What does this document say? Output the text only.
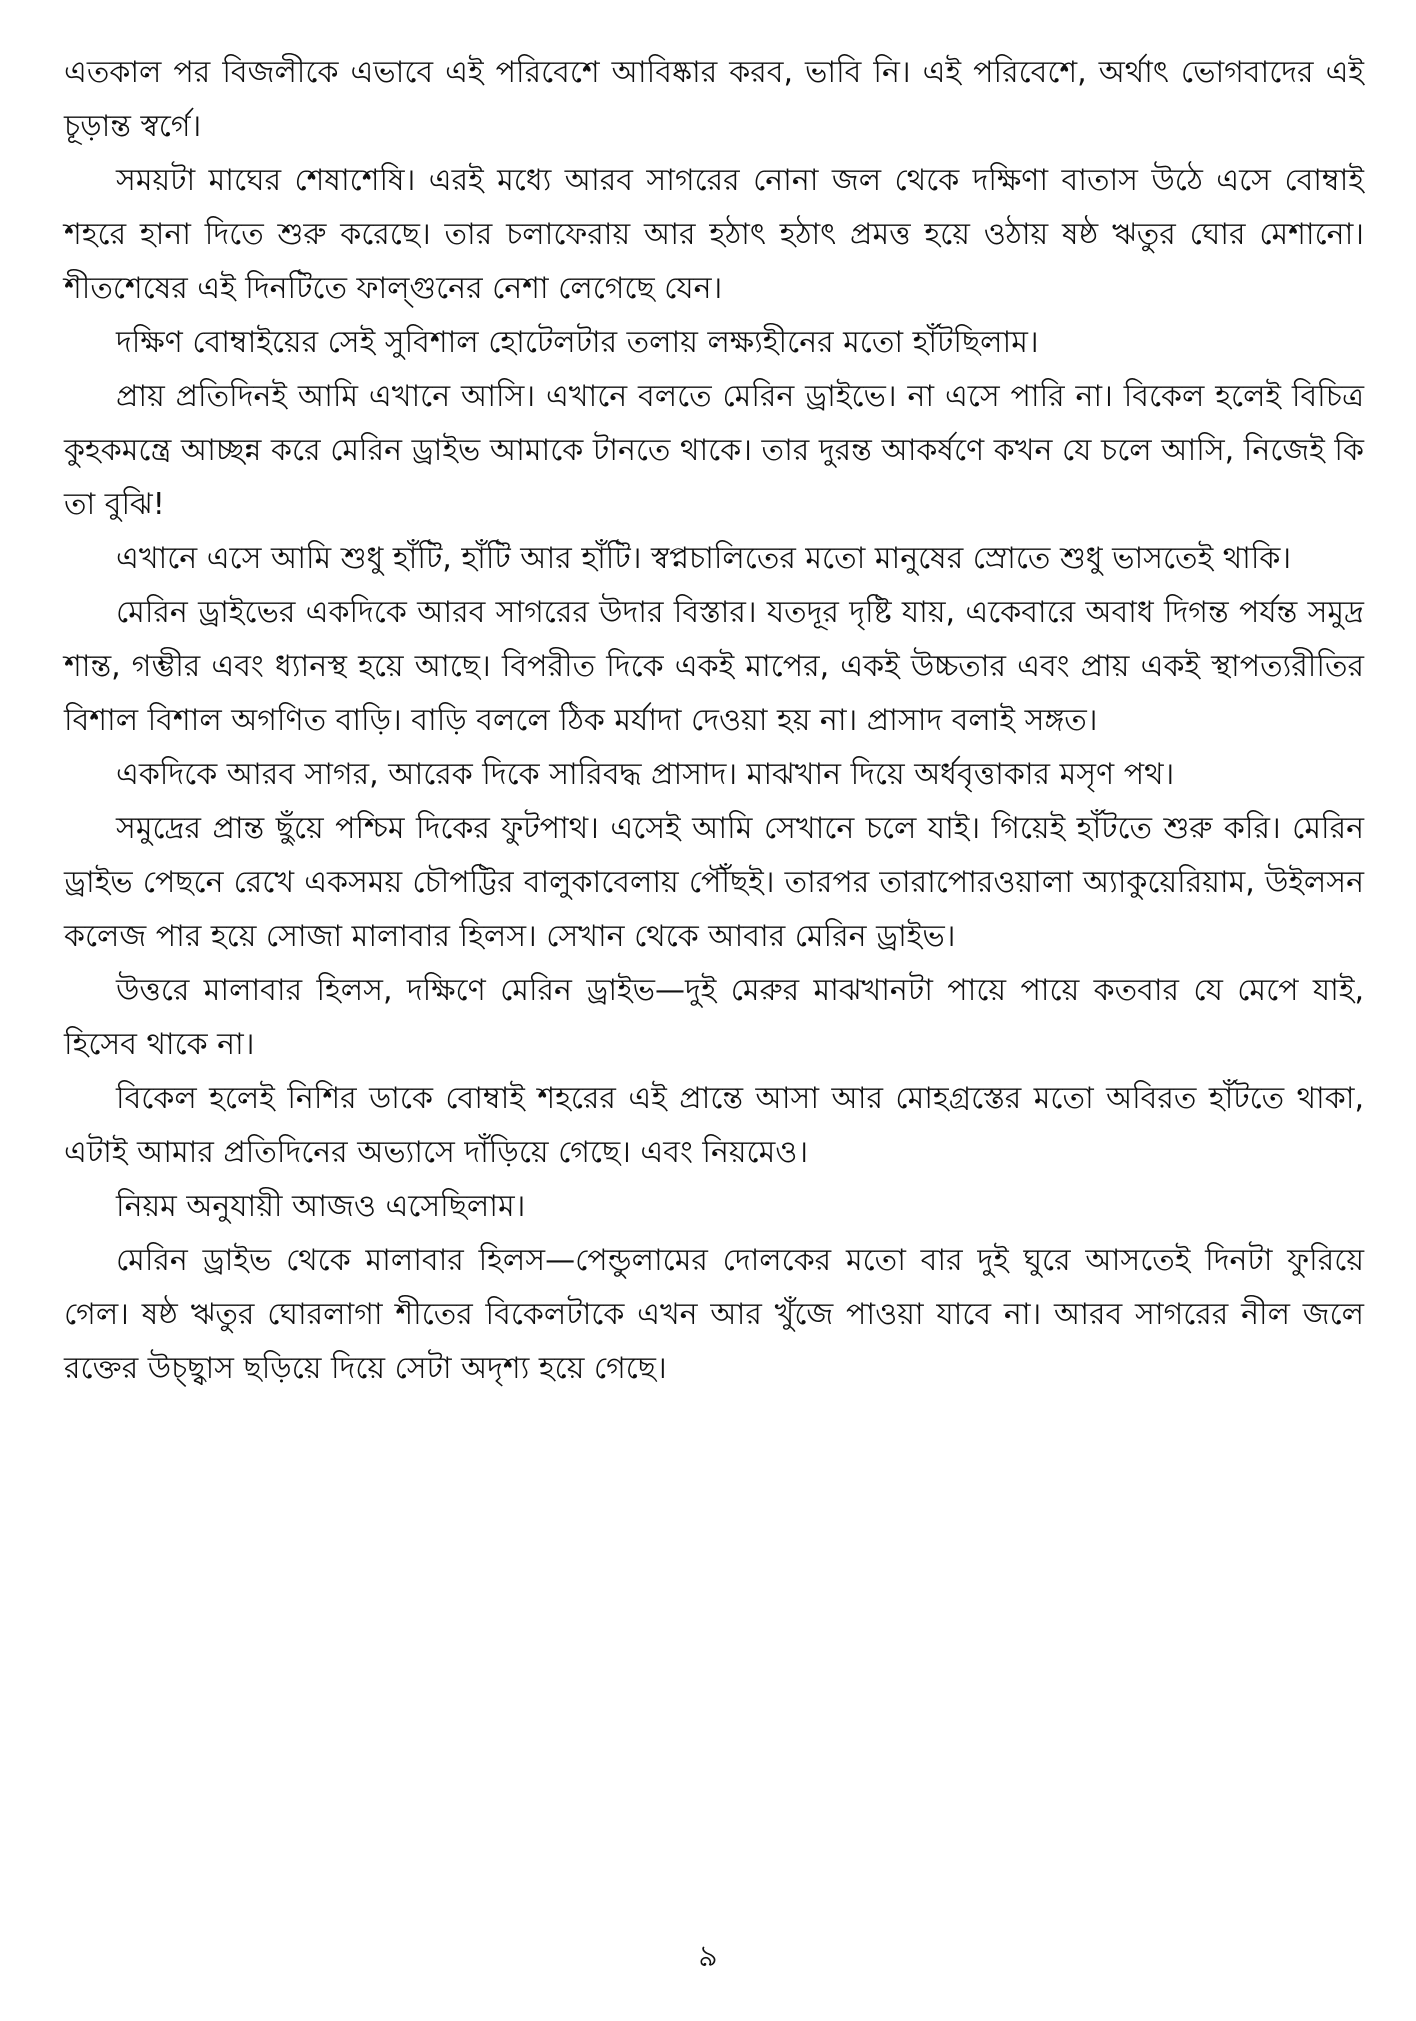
এতকাল পর বিজলীকে এভাবে এই পরিবেশে আবিষ্কার করব, ভাবি নি। এই পরিবেশে, অর্থাৎ ভোগবাদের এই চূড়ান্ত স্বর্গে।

সময়টা মাঘের শেষাশেষি। এরই মধ্যে আরব সাগরের নোনা জল থেকে দক্ষিণা বাতাস উঠে এসে বোম্বাই শহরে হানা দিতে শুরু করেছে। তার চলাফেরায় আর হঠাৎ হঠাৎ প্রমত্ত হয়ে ওঠায় ষষ্ঠ ঋতুর ঘোর মেশানো। শীতশেষের এই দিনটিতে ফাল্গুনের নেশা লেগেছে যেন।

দক্ষিণ বোম্বাইয়ের সেই সুবিশাল হোটেলটার তলায় লক্ষ্যহীনের মতো হাঁটছিলাম।

প্রায় প্রতিদিনই আমি এখানে আসি। এখানে বলতে মেরিন ড্রাইভে। না এসে পারি না। বিকেল হলেই বিচিত্র কুহকমন্ত্রে আচ্ছন্ন করে মেরিন ড্রাইভ আমাকে টানতে থাকে। তার দুরন্ত আকর্ষণে কখন যে চলে আসি, নিজেই কি তা বুঝি!

এখানে এসে আমি শুধু হাঁটি, হাঁটি আর হাঁটি। স্বপ্নচালিতের মতো মানুষের স্রোতে শুধু ভাসতেই থাকি।

মেরিন ড্রাইভের একদিকে আরব সাগরের উদার বিস্তার। যতদূর দৃষ্টি যায়, একেবারে অবাধ দিগন্ত পর্যন্ত সমুদ্র শান্ত, গম্ভীর এবং ধ্যানস্থ হয়ে আছে। বিপরীত দিকে একই মাপের, একই উচ্চতার এবং প্রায় একই স্থাপত্যরীতির বিশাল বিশাল অগণিত বাড়ি। বাড়ি বললে ঠিক মর্যাদা দেওয়া হয় না। প্রাসাদ বলাই সঙ্গত।

একদিকে আরব সাগর, আরেক দিকে সারিবদ্ধ প্রাসাদ। মাঝখান দিয়ে অর্ধবৃত্তাকার মসৃণ পথ।

সমুদ্রের প্রান্ত ছুঁয়ে পশ্চিম দিকের ফুটপাথ। এসেই আমি সেখানে চলে যাই। গিয়েই হাঁটতে শুরু করি। মেরিন ড্রাইভ পেছনে রেখে একসময় চৌপট্টির বালুকাবেলায় পৌঁছই। তারপর তারাপোরওয়ালা অ্যাকুয়েরিয়াম, উইলসন কলেজ পার হয়ে সোজা মালাবার হিলস। সেখান থেকে আবার মেরিন ড্রাইভ।

উত্তরে মালাবার হিলস, দক্ষিণে মেরিন ড্রাইভ—দুই মেরুর মাঝখানটা পায়ে পায়ে কতবার যে মেপে যাই, হিসেব থাকে না।

বিকেল হলেই নিশির ডাকে বোম্বাই শহরের এই প্রান্তে আসা আর মোহগ্রস্তের মতো অবিরত হাঁটতে থাকা, এটাই আমার প্রতিদিনের অভ্যাসে দাঁড়িয়ে গেছে। এবং নিয়মেও।

নিয়ম অনুযায়ী আজও এসেছিলাম।

মেরিন ড্রাইভ থেকে মালাবার হিলস—পেন্ডুলামের দোলকের মতো বার দুই ঘুরে আসতেই দিনটা ফুরিয়ে গেল। ষষ্ঠ ঋতুর ঘোরলাগা শীতের বিকেলটাকে এখন আর খুঁজে পাওয়া যাবে না। আরব সাগরের নীল জলে রক্তের উচ্ছ্বাস ছড়িয়ে দিয়ে সেটা অদৃশ্য হয়ে গেছে।

৯
